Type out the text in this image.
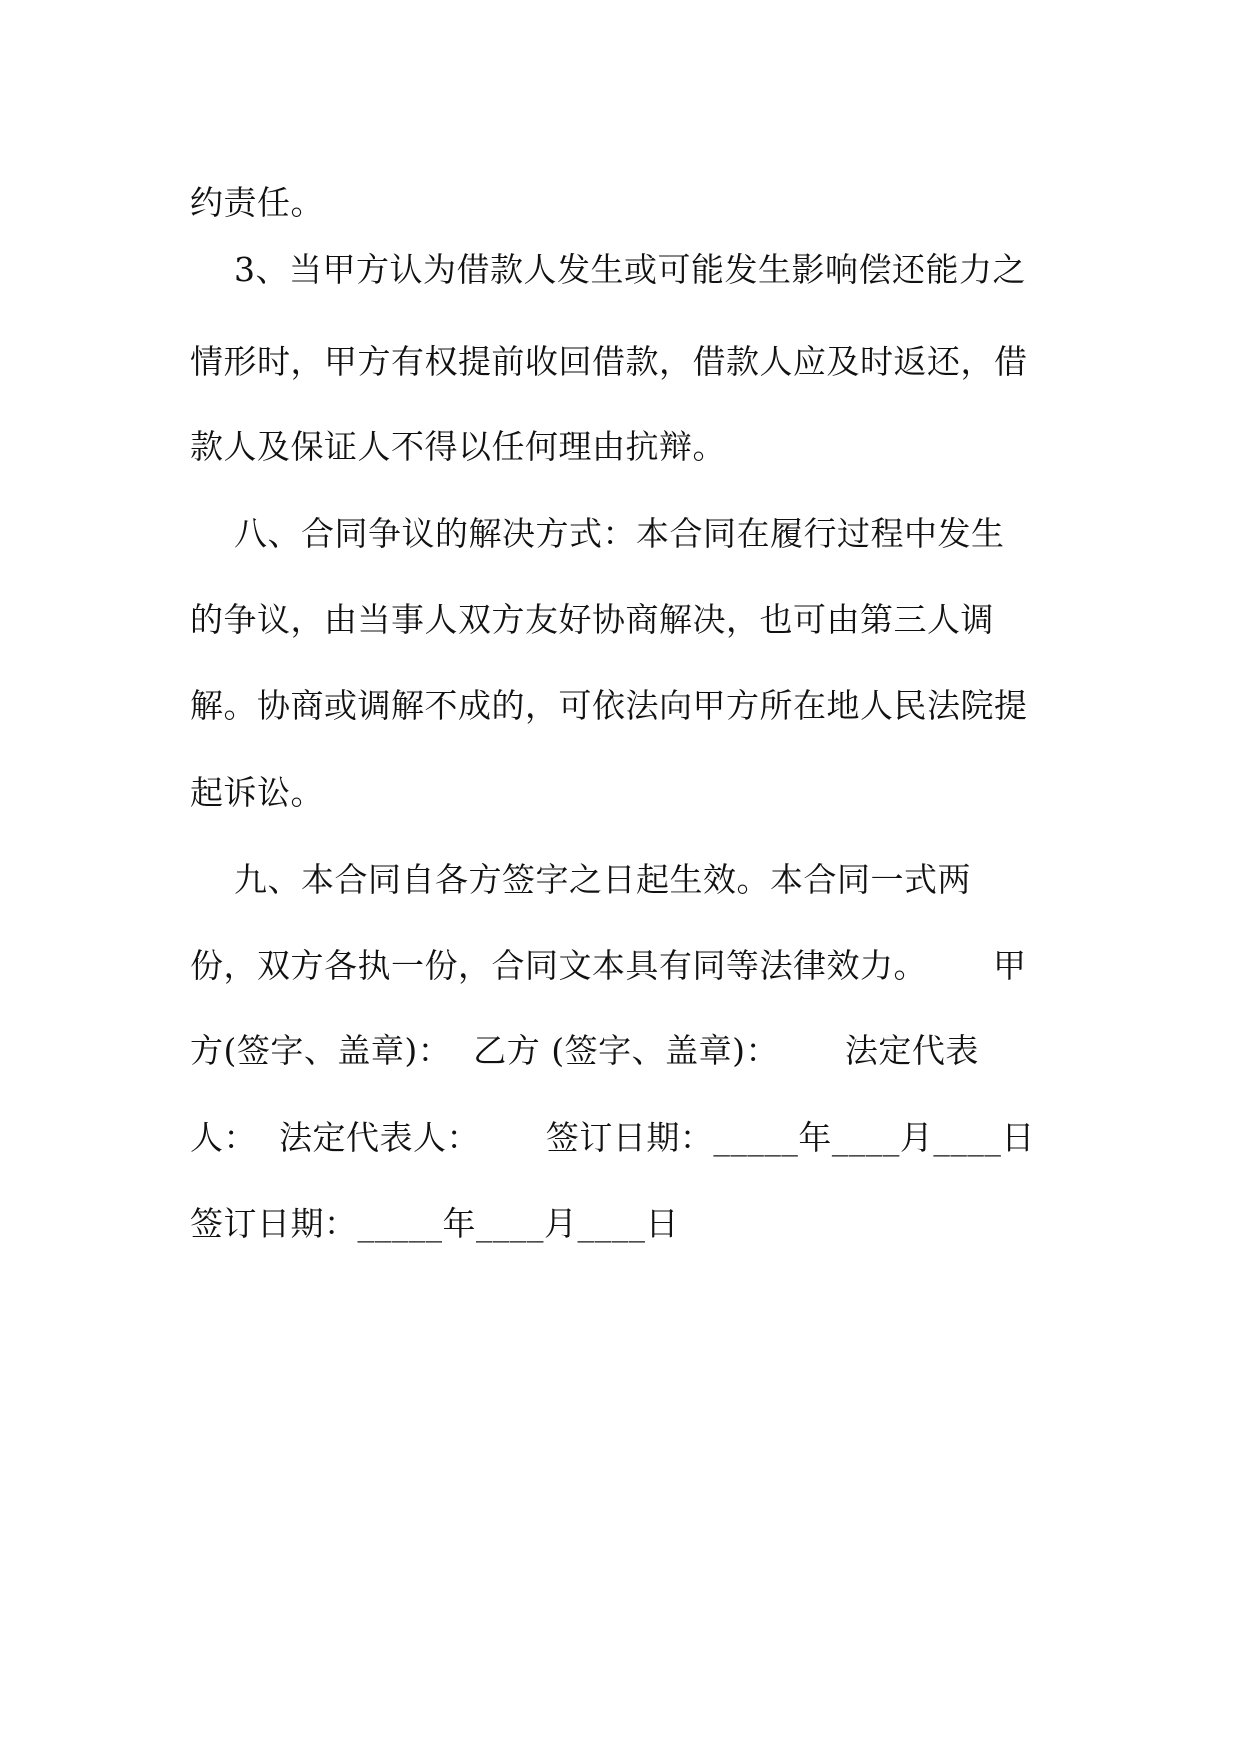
约责任。
3、当甲方认为借款人发生或可能发生影响偿还能力之
情形时，甲方有权提前收回借款，借款人应及时返还，借
款人及保证人不得以任何理由抗辩。
八、合同争议的解决方式：本合同在履行过程中发生
的争议，由当事人双方友好协商解决，也可由第三人调
解。协商或调解不成的，可依法向甲方所在地人民法院提
起诉讼。
九、本合同自各方签字之日起生效。本合同一式两
份，双方各执一份，合同文本具有同等法律效力。      甲
方(签字、盖章)：  乙方 (签字、盖章)：      法定代表
人：  法定代表人：      签订日期：_____年____月____日
签订日期：_____年____月____日
